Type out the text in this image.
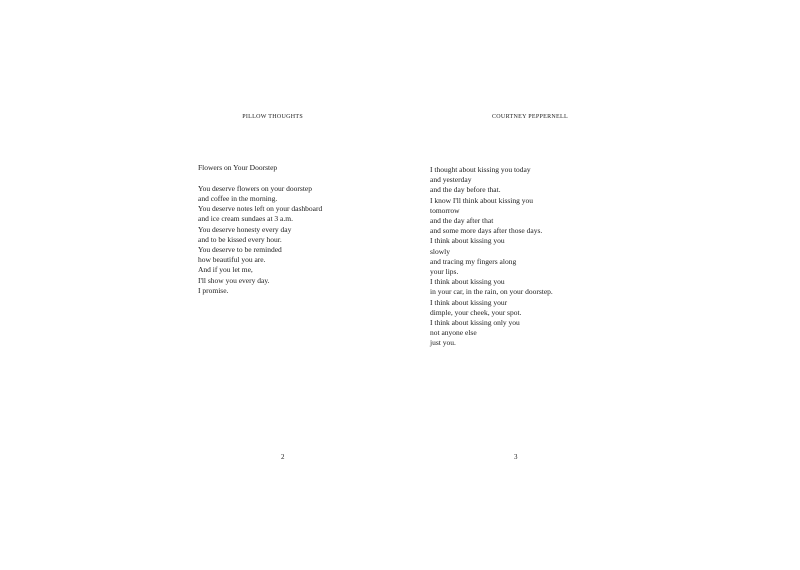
PILLOW THOUGHTS
Flowers on Your Doorstep
You deserve flowers on your doorstep
and coffee in the morning.
You deserve notes left on your dashboard
and ice cream sundaes at 3 a.m.
You deserve honesty every day
and to be kissed every hour.
You deserve to be reminded
how beautiful you are.
And if you let me,
I'll show you every day.
I promise.
2
COURTNEY PEPPERNELL
I thought about kissing you today
and yesterday
and the day before that.
I know I'll think about kissing you
tomorrow
and the day after that
and some more days after those days.
I think about kissing you
slowly
and tracing my fingers along
your lips.
I think about kissing you
in your car, in the rain, on your doorstep.
I think about kissing your
dimple, your cheek, your spot.
I think about kissing only you
not anyone else
just you.
3
